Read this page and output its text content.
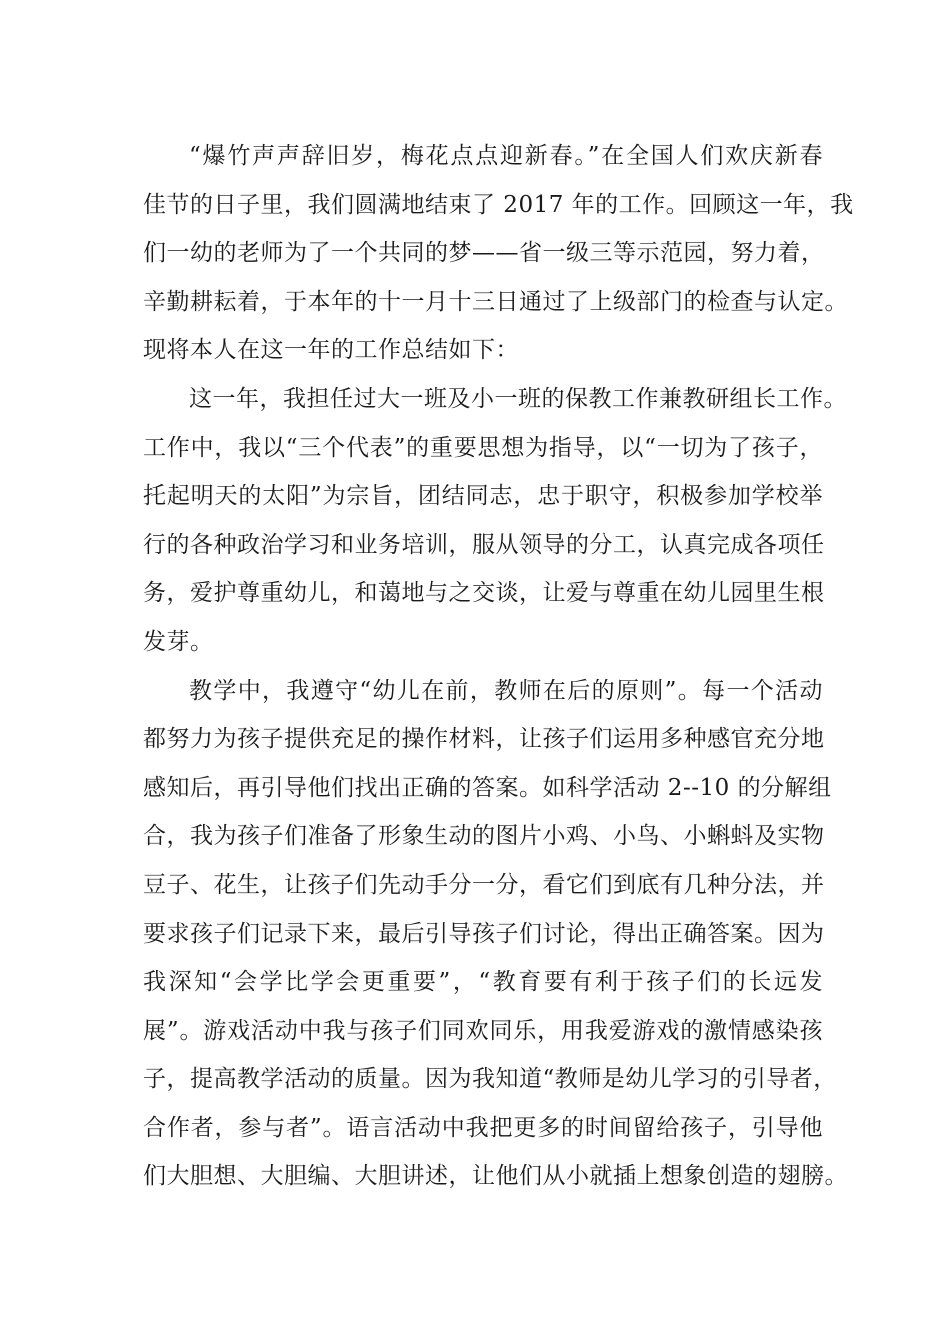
“爆竹声声辞旧岁，梅花点点迎新春。”在全国人们欢庆新春
佳节的日子里，我们圆满地结束了 2017 年的工作。回顾这一年，我
们一幼的老师为了一个共同的梦——省一级三等示范园，努力着，
辛勤耕耘着，于本年的十一月十三日通过了上级部门的检查与认定。
现将本人在这一年的工作总结如下：
这一年，我担任过大一班及小一班的保教工作兼教研组长工作。
工作中，我以“三个代表”的重要思想为指导，以“一切为了孩子，
托起明天的太阳”为宗旨，团结同志，忠于职守，积极参加学校举
行的各种政治学习和业务培训，服从领导的分工，认真完成各项任
务，爱护尊重幼儿，和蔼地与之交谈，让爱与尊重在幼儿园里生根
发芽。
教学中，我遵守“幼儿在前，教师在后的原则”。每一个活动
都努力为孩子提供充足的操作材料，让孩子们运用多种感官充分地
感知后，再引导他们找出正确的答案。如科学活动 2--10 的分解组
合，我为孩子们准备了形象生动的图片小鸡、小鸟、小蝌蚪及实物
豆子、花生，让孩子们先动手分一分，看它们到底有几种分法，并
要求孩子们记录下来，最后引导孩子们讨论，得出正确答案。因为
我深知“会学比学会更重要”，“教育要有利于孩子们的长远发
展”。游戏活动中我与孩子们同欢同乐，用我爱游戏的激情感染孩
子，提高教学活动的质量。因为我知道“教师是幼儿学习的引导者，
合作者，参与者”。语言活动中我把更多的时间留给孩子，引导他
们大胆想、大胆编、大胆讲述，让他们从小就插上想象创造的翅膀。
